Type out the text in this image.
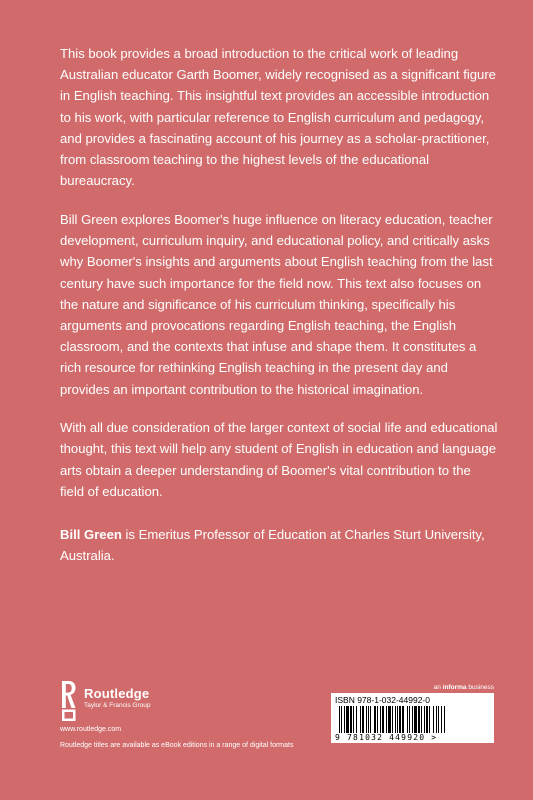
This book provides a broad introduction to the critical work of leading Australian educator Garth Boomer, widely recognised as a significant figure in English teaching. This insightful text provides an accessible introduction to his work, with particular reference to English curriculum and pedagogy, and provides a fascinating account of his journey as a scholar-practitioner, from classroom teaching to the highest levels of the educational bureaucracy.

Bill Green explores Boomer's huge influence on literacy education, teacher development, curriculum inquiry, and educational policy, and critically asks why Boomer's insights and arguments about English teaching from the last century have such importance for the field now. This text also focuses on the nature and significance of his curriculum thinking, specifically his arguments and provocations regarding English teaching, the English classroom, and the contexts that infuse and shape them. It constitutes a rich resource for rethinking English teaching in the present day and provides an important contribution to the historical imagination.

With all due consideration of the larger context of social life and educational thought, this text will help any student of English in education and language arts obtain a deeper understanding of Boomer's vital contribution to the field of education.

Bill Green is Emeritus Professor of Education at Charles Sturt University, Australia.

Routledge
Taylor & Francis Group
www.routledge.com
Routledge titles are available as eBook editions in a range of digital formats
an informa business
ISBN 978-1-032-44992-0
9 781032 449920 >
